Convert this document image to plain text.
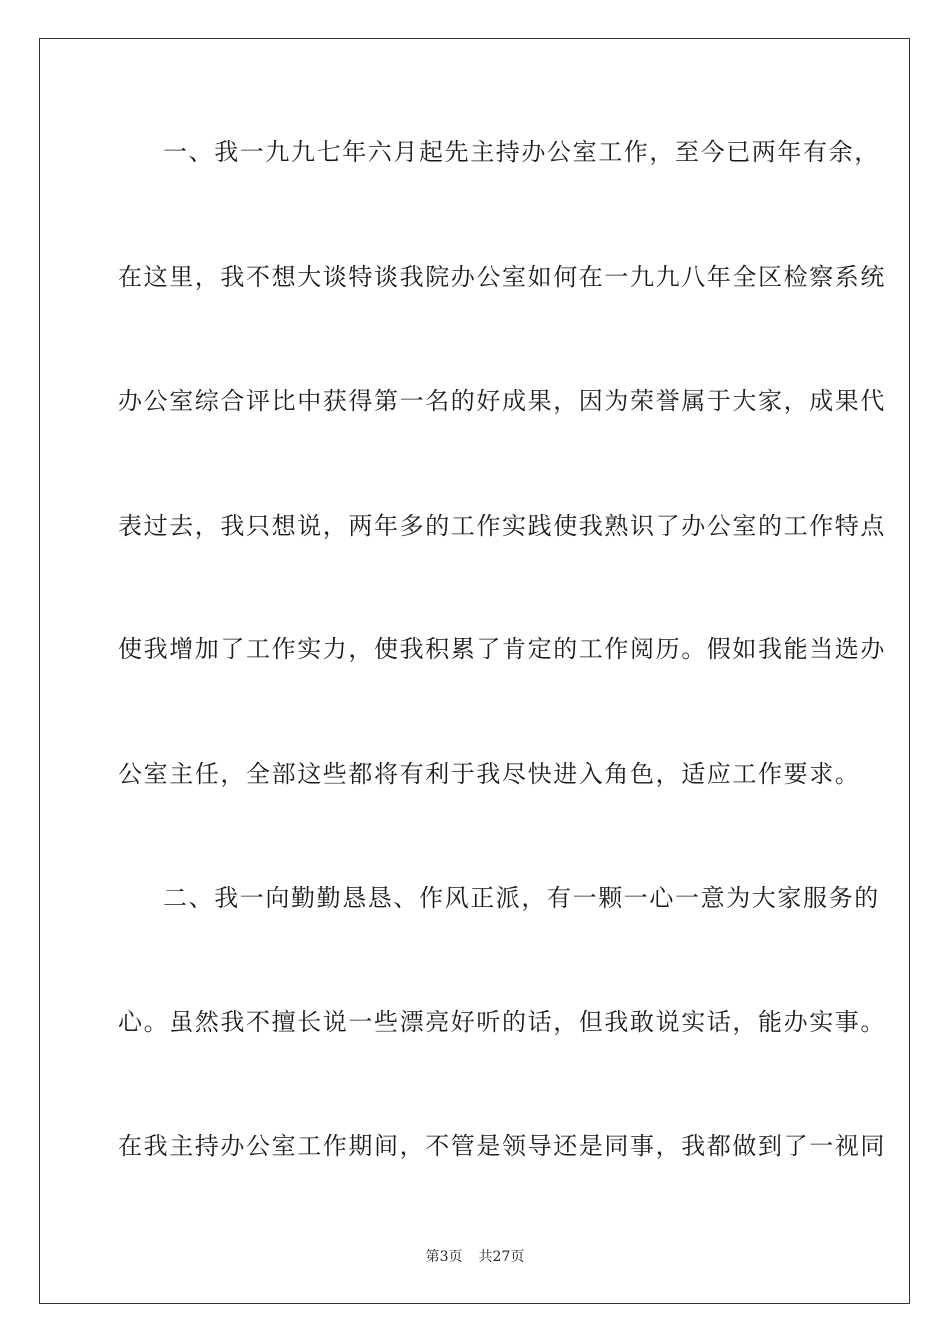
一、我一九九七年六月起先主持办公室工作，至今已两年有余，
在这里，我不想大谈特谈我院办公室如何在一九九八年全区检察系统
办公室综合评比中获得第一名的好成果，因为荣誉属于大家，成果代
表过去，我只想说，两年多的工作实践使我熟识了办公室的工作特点
使我增加了工作实力，使我积累了肯定的工作阅历。假如我能当选办
公室主任，全部这些都将有利于我尽快进入角色，适应工作要求。
二、我一向勤勤恳恳、作风正派，有一颗一心一意为大家服务的
心。虽然我不擅长说一些漂亮好听的话，但我敢说实话，能办实事。
在我主持办公室工作期间，不管是领导还是同事，我都做到了一视同
第3页 共27页
